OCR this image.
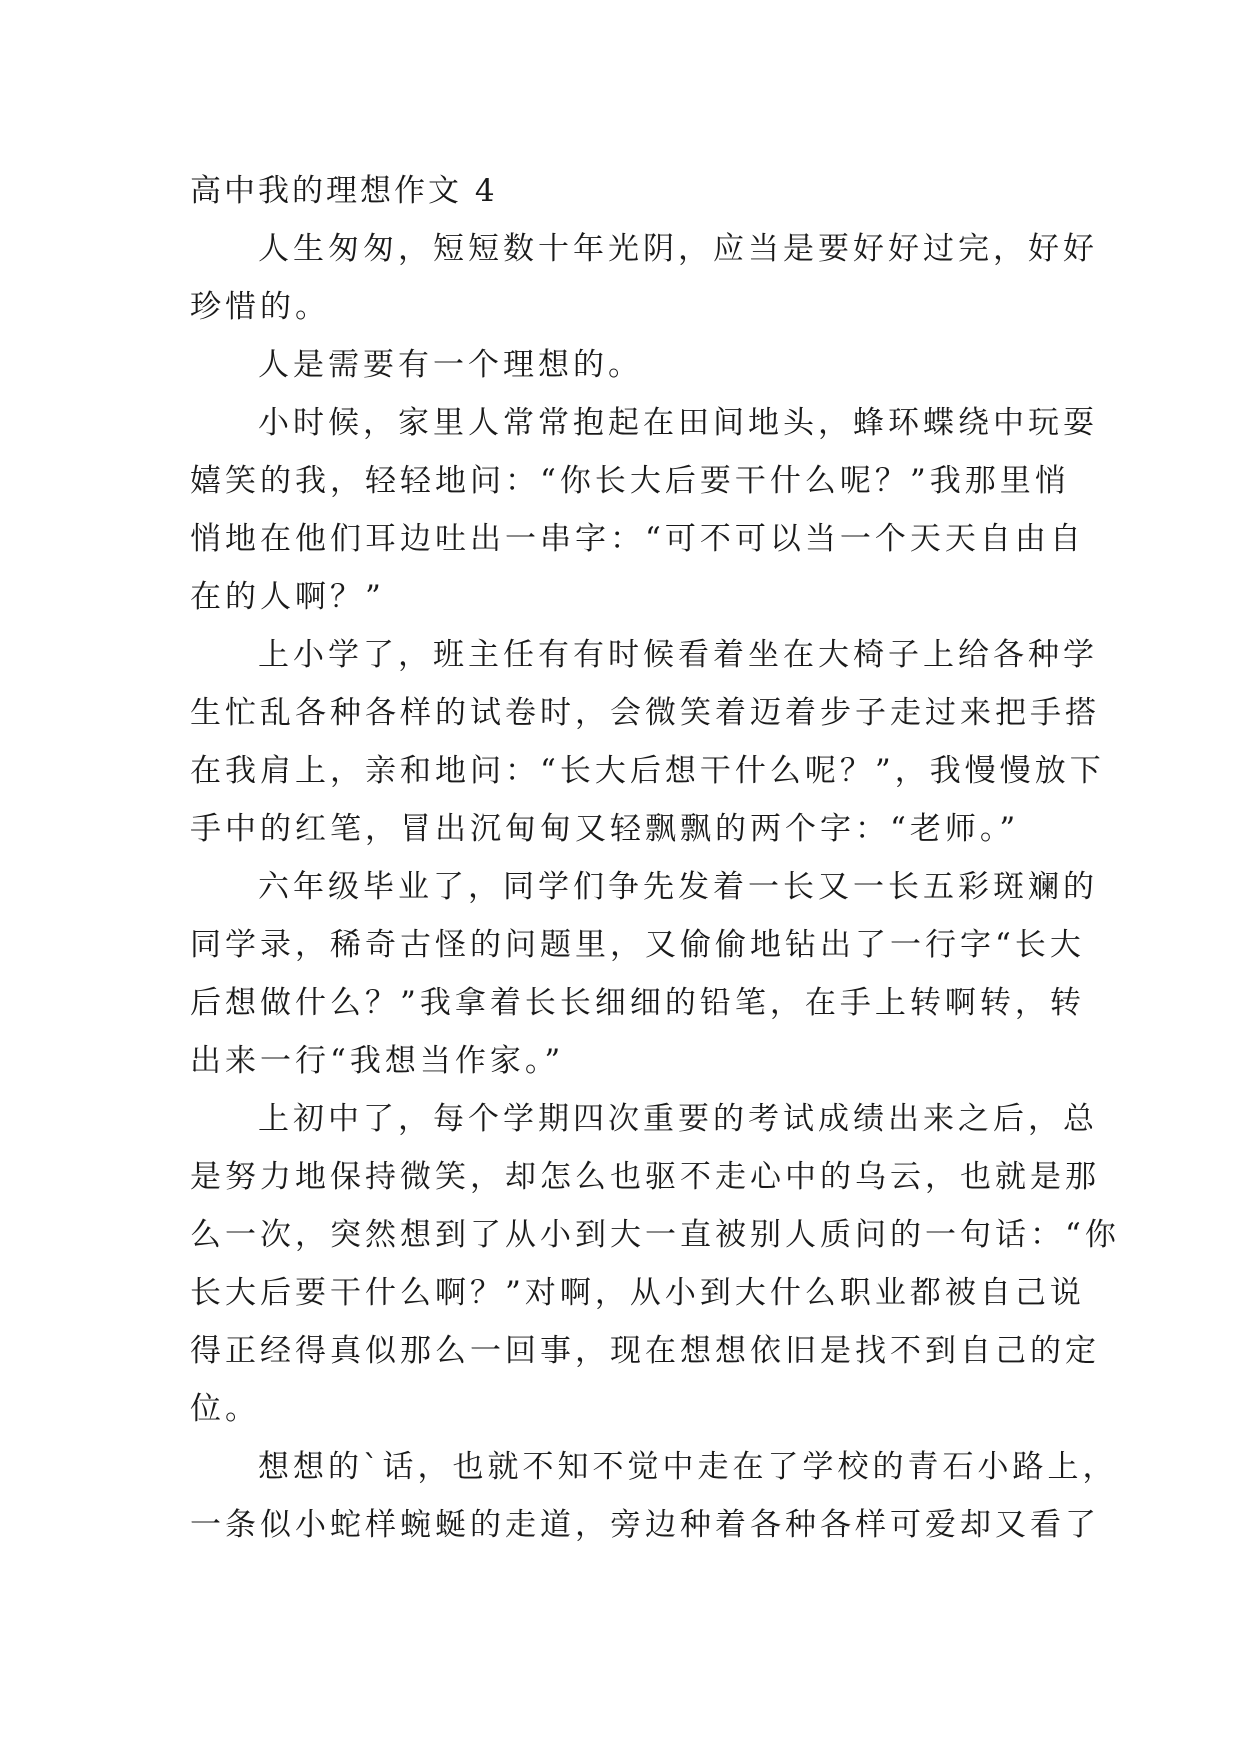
高中我的理想作文 4
人生匆匆，短短数十年光阴，应当是要好好过完，好好
珍惜的。
人是需要有一个理想的。
小时候，家里人常常抱起在田间地头，蜂环蝶绕中玩耍
嬉笑的我，轻轻地问：“你长大后要干什么呢？”我那里悄
悄地在他们耳边吐出一串字：“可不可以当一个天天自由自
在的人啊？”
上小学了，班主任有有时候看着坐在大椅子上给各种学
生忙乱各种各样的试卷时，会微笑着迈着步子走过来把手搭
在我肩上，亲和地问：“长大后想干什么呢？”，我慢慢放下
手中的红笔，冒出沉甸甸又轻飘飘的两个字：“老师。”
六年级毕业了，同学们争先发着一长又一长五彩斑斓的
同学录，稀奇古怪的问题里，又偷偷地钻出了一行字“长大
后想做什么？”我拿着长长细细的铅笔，在手上转啊转，转
出来一行“我想当作家。”
上初中了，每个学期四次重要的考试成绩出来之后，总
是努力地保持微笑，却怎么也驱不走心中的乌云，也就是那
么一次，突然想到了从小到大一直被别人质问的一句话：“你
长大后要干什么啊？”对啊，从小到大什么职业都被自己说
得正经得真似那么一回事，现在想想依旧是找不到自己的定
位。
想想的`话，也就不知不觉中走在了学校的青石小路上，
一条似小蛇样蜿蜒的走道，旁边种着各种各样可爱却又看了
